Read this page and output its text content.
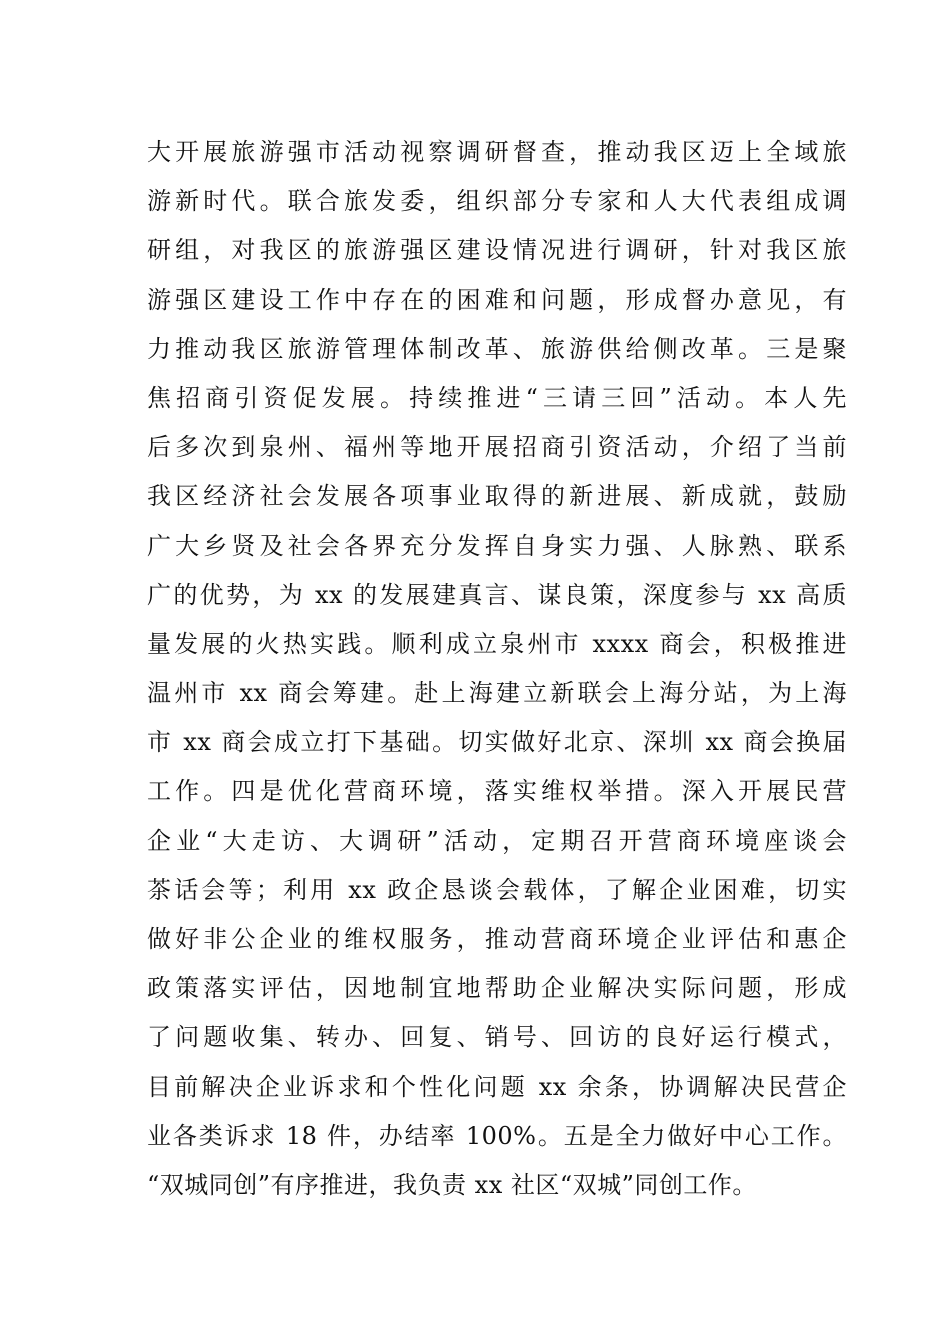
大开展旅游强市活动视察调研督查，推动我区迈上全域旅
游新时代。联合旅发委，组织部分专家和人大代表组成调
研组，对我区的旅游强区建设情况进行调研，针对我区旅
游强区建设工作中存在的困难和问题，形成督办意见，有
力推动我区旅游管理体制改革、旅游供给侧改革。三是聚
焦招商引资促发展。持续推进“三请三回”活动。本人先
后多次到泉州、福州等地开展招商引资活动，介绍了当前
我区经济社会发展各项事业取得的新进展、新成就，鼓励
广大乡贤及社会各界充分发挥自身实力强、人脉熟、联系
广的优势，为 xx 的发展建真言、谋良策，深度参与 xx 高质
量发展的火热实践。顺利成立泉州市 xxxx 商会，积极推进
温州市 xx 商会筹建。赴上海建立新联会上海分站，为上海
市 xx 商会成立打下基础。切实做好北京、深圳 xx 商会换届
工作。四是优化营商环境，落实维权举措。深入开展民营
企业“大走访、大调研”活动，定期召开营商环境座谈会
茶话会等；利用 xx 政企恳谈会载体，了解企业困难，切实
做好非公企业的维权服务，推动营商环境企业评估和惠企
政策落实评估，因地制宜地帮助企业解决实际问题，形成
了问题收集、转办、回复、销号、回访的良好运行模式，
目前解决企业诉求和个性化问题 xx 余条，协调解决民营企
业各类诉求 18 件，办结率 100%。五是全力做好中心工作。
“双城同创”有序推进，我负责 xx 社区“双城”同创工作。
